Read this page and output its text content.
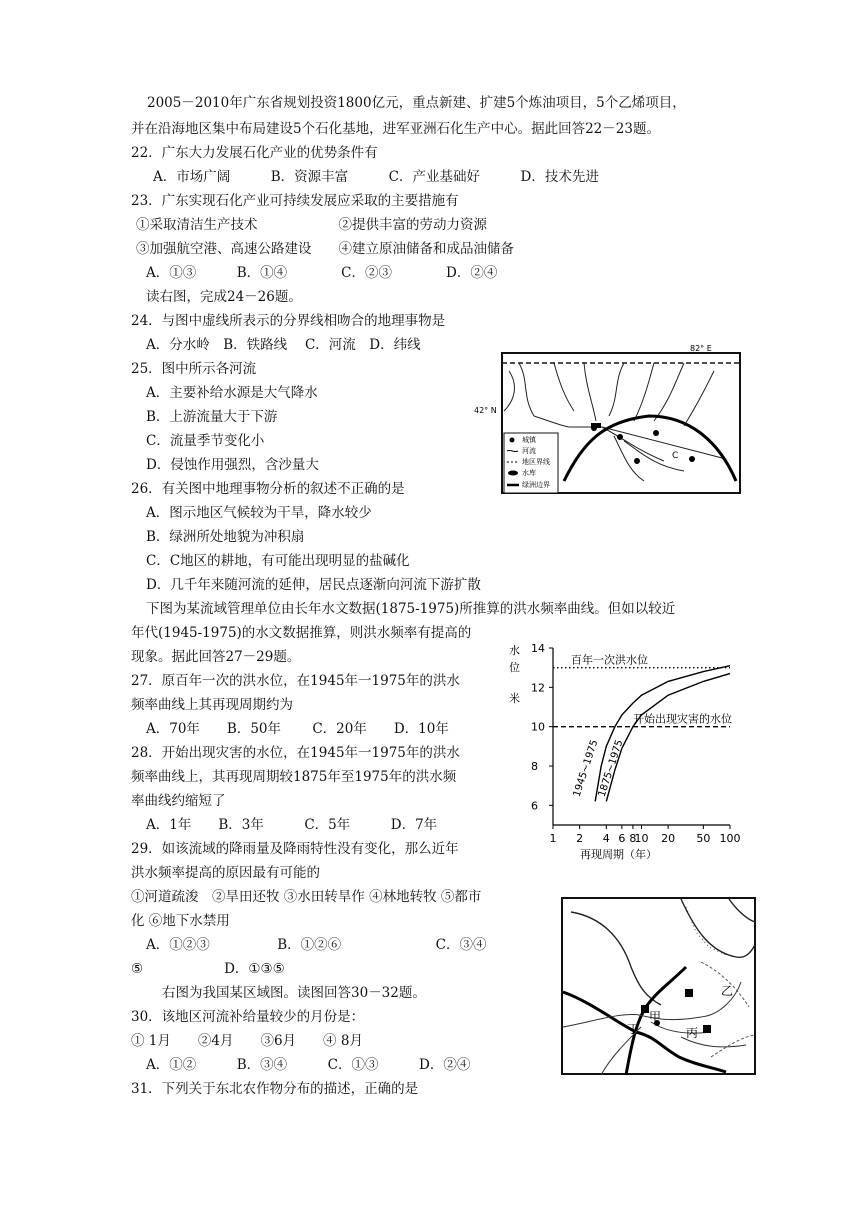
2005－2010年广东省规划投资1800亿元，重点新建、扩建5个炼油项目，5个乙烯项目，
并在沿海地区集中布局建设5个石化基地，进军亚洲石化生产中心。据此回答22－23题。
22．广东大力发展石化产业的优势条件有
A．市场广阔　　　B．资源丰富　　　C．产业基础好　　　D．技术先进
23．广东实现石化产业可持续发展应采取的主要措施有
①采取清洁生产技术　　　　　　②提供丰富的劳动力资源
③加强航空港、高速公路建设　　④建立原油储备和成品油储备
A．①③　　　B．①④　　　　C．②③　　　　D．②④
读右图，完成24－26题。
24．与图中虚线所表示的分界线相吻合的地理事物是
A．分水岭　B．铁路线　 C．河流　D．纬线
25．图中所示各河流
A．主要补给水源是大气降水
B．上游流量大于下游
C．流量季节变化小
D．侵蚀作用强烈，含沙量大
26．有关图中地理事物分析的叙述不正确的是
A．图示地区气候较为干旱，降水较少
B．绿洲所处地貌为冲积扇
C．C地区的耕地，有可能出现明显的盐碱化
D．几千年来随河流的延伸，居民点逐渐向河流下游扩散
下图为某流域管理单位由长年水文数据(1875-1975)所推算的洪水频率曲线。但如以较近
年代(1945-1975)的水文数据推算，则洪水频率有提高的
现象。据此回答27－29题。
27．原百年一次的洪水位，在1945年一1975年的洪水
频率曲线上其再现周期约为
A．70年　　B．50年　　 C．20年　　D．10年
28．开始出现灾害的水位，在1945年一1975年的洪水
频率曲线上，其再现周期较1875年至1975年的洪水频
率曲线约缩短了
A．1年　　B．3年　　　C．5年　　　D．7年
29．如该流域的降雨量及降雨特性没有变化，那么近年
洪水频率提高的原因最有可能的
①河道疏浚　②旱田还牧 ③水田转旱作 ④林地转牧 ⑤都市
化 ⑥地下水禁用
A．①②③　　　　　B．①②⑥　　　　　　　C．③④
⑤　　　　　　D．①③⑤
右图为我国某区域图。读图回答30－32题。
30．该地区河流补给量较少的月份是：
① 1月　　②4月　　③6月　　④ 8月
A．①②　　　B．③④　　　C．①③　　　D．②④
31．下列关于东北农作物分布的描述，正确的是
82° E
42° N
C
城镇
河流
地区界线
水库
绿洲边界
水
位
米
14
12
10
8
6
1 2 4 6 8
10 20 50 100
百年一次洪水位
开始出现灾害的水位
1945~1975
1875~1975
再现周期（年）
甲
乙
丙
丁
